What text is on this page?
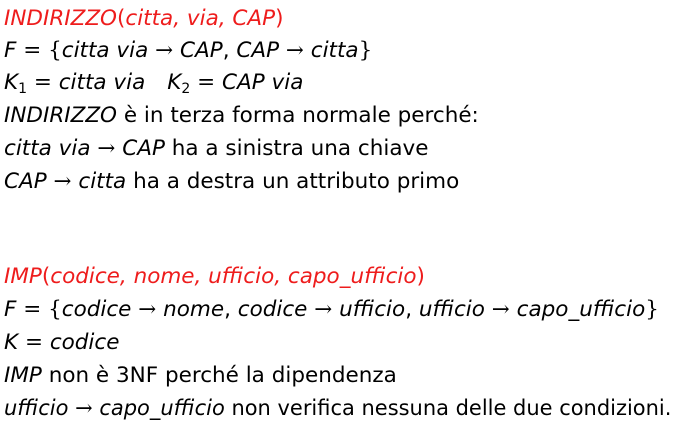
INDIRIZZO(citta, via, CAP)
F = {citta via → CAP, CAP → citta}
$K_1$ = citta via $K_2$ = CAP via
INDIRIZZO è in terza forma normale perché:
citta via → CAP ha a sinistra una chiave
CAP → citta ha a destra un attributo primo
IMP(codice, nome, ufficio, capo_ufficio)
F = {codice → nome, codice → ufficio, ufficio → capo_ufficio}
K = codice
IMP non è 3NF perché la dipendenza
ufficio → capo_ufficio non verifica nessuna delle due condizioni.
